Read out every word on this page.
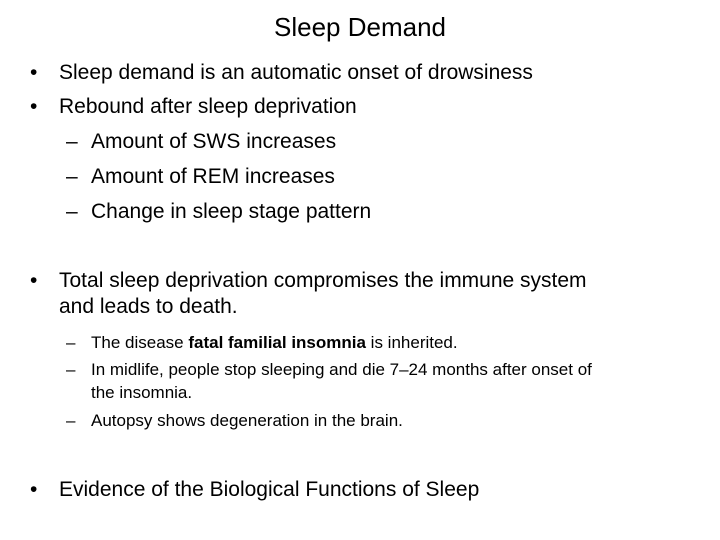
Sleep Demand
• Sleep demand is an automatic onset of drowsiness
• Rebound after sleep deprivation
– Amount of SWS increases
– Amount of REM increases
– Change in sleep stage pattern
• Total sleep deprivation compromises the immune system
and leads to death.
– The disease fatal familial insomnia is inherited.
– In midlife, people stop sleeping and die 7–24 months after onset of
the insomnia.
– Autopsy shows degeneration in the brain.
• Evidence of the Biological Functions of Sleep
